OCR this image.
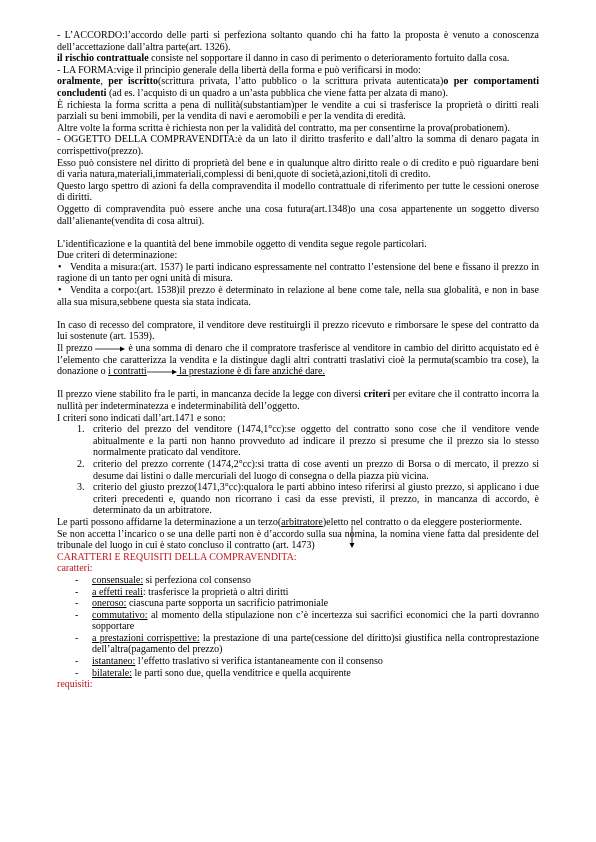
- L’ACCORDO:l’accordo delle parti si perfeziona soltanto quando chi ha fatto la proposta è venuto a conoscenza dell’accettazione dall’altra parte(art. 1326).

il rischio contrattuale consiste nel sopportare il danno in caso di perimento o deterioramento fortuito dalla cosa.

- LA FORMA:vige il principio generale della libertà della forma e può verificarsi in modo:

oralmente, per iscritto(scrittura privata, l’atto pubblico o la scrittura privata autenticata)o per comportamenti concludenti (ad es. l’acquisto di un quadro a un’asta pubblica che viene fatta per alzata di mano).

È richiesta la forma scritta a pena di nullità(substantiam)per le vendite a cui si trasferisce la proprietà o diritti reali parziali su beni immobili, per la vendita di navi e aeromobili e per la vendita di eredità.

Altre volte la forma scritta è richiesta non per la validità del contratto, ma per consentirne la prova(probationem).

- OGGETTO DELLA COMPRAVENDITA:è da un lato il diritto trasferito e dall’altro la somma di denaro pagata in corrispettivo(prezzo).

Esso può consistere nel diritto di proprietà del bene e in qualunque altro diritto reale o di credito e può riguardare beni di varia natura,materiali,immateriali,complessi di beni,quote di società,azioni,titoli di credito.

Questo largo spettro di azioni fa della compravendita il modello contrattuale di riferimento per tutte le cessioni onerose di diritti.

Oggetto di compravendita può essere anche una cosa futura(art.1348)o una cosa appartenente un soggetto diverso dall’alienante(vendita di cosa altrui).

L’identificazione e la quantità del bene immobile oggetto di vendita segue regole particolari.

Due criteri di determinazione:

• Vendita a misura:(art. 1537) le parti indicano espressamente nel contratto l’estensione del bene e fissano il prezzo in ragione di un tanto per ogni unità di misura.
• Vendita a corpo:(art. 1538)il prezzo è determinato in relazione al bene come tale, nella sua globalità, e non in base alla sua misura,sebbene questa sia stata indicata.

In caso di recesso del compratore, il venditore deve restituirgli il prezzo ricevuto e rimborsare le spese del contratto da lui sostenute (art. 1539).

Il prezzo	è una somma di denaro che il compratore trasferisce al venditore in cambio del diritto acquistato ed è l’elemento che caratterizza la vendita e la distingue dagli altri contratti traslativi cioè la permuta(scambio tra cose), la donazione o i contratti	la prestazione è di fare anziché dare.

Il prezzo viene stabilito fra le parti, in mancanza decide la legge con diversi criteri per evitare che il contratto incorra la nullità per indeterminatezza e indeterminabilità dell’oggetto.

I criteri sono indicati dall’art.1471 e sono:

1. criterio del prezzo del venditore (1474,1°cc):se oggetto del contratto sono cose che il venditore vende abitualmente e la parti non hanno provveduto ad indicare il prezzo si presume che il prezzo sia lo stesso normalmente praticato dal venditore.
2. criterio del prezzo corrente (1474,2°cc):si tratta di cose aventi un prezzo di Borsa o di mercato, il prezzo si desume dai listini o dalle mercuriali del luogo di consegna o della piazza più vicina.
3. criterio del giusto prezzo(1471,3°cc):qualora le parti abbino inteso riferirsi al giusto prezzo, si applicano i due criteri precedenti e, quando non ricorrano i casi da esse previsti, il prezzo, in mancanza di accordo, è determinato da un arbitratore.

Le parti possono affidarne la determinazione a un terzo(arbitratore)eletto nel contratto o da eleggere posteriormente.

Se non accetta l’incarico o se una delle parti non è d’accordo sulla sua nomina, la nomina viene fatta dal presidente del tribunale del luogo in cui è stato concluso il contratto (art. 1473)

CARATTERI E REQUISITI DELLA COMPRAVENDITA:

caratteri:

- consensuale: si perfeziona col consenso
- a effetti reali: trasferisce la proprietà o altri diritti
- oneroso: ciascuna parte sopporta un sacrificio patrimoniale
- commutativo: al momento della stipulazione non c’è incertezza sui sacrifici economici che la parti dovranno sopportare
- a prestazioni corrispettive: la prestazione di una parte(cessione del diritto)si giustifica nella controprestazione dell’altra(pagamento del prezzo)
- istantaneo: l’effetto traslativo si verifica istantaneamente con il consenso
- bilaterale: le parti sono due, quella venditrice e quella acquirente

requisiti:
